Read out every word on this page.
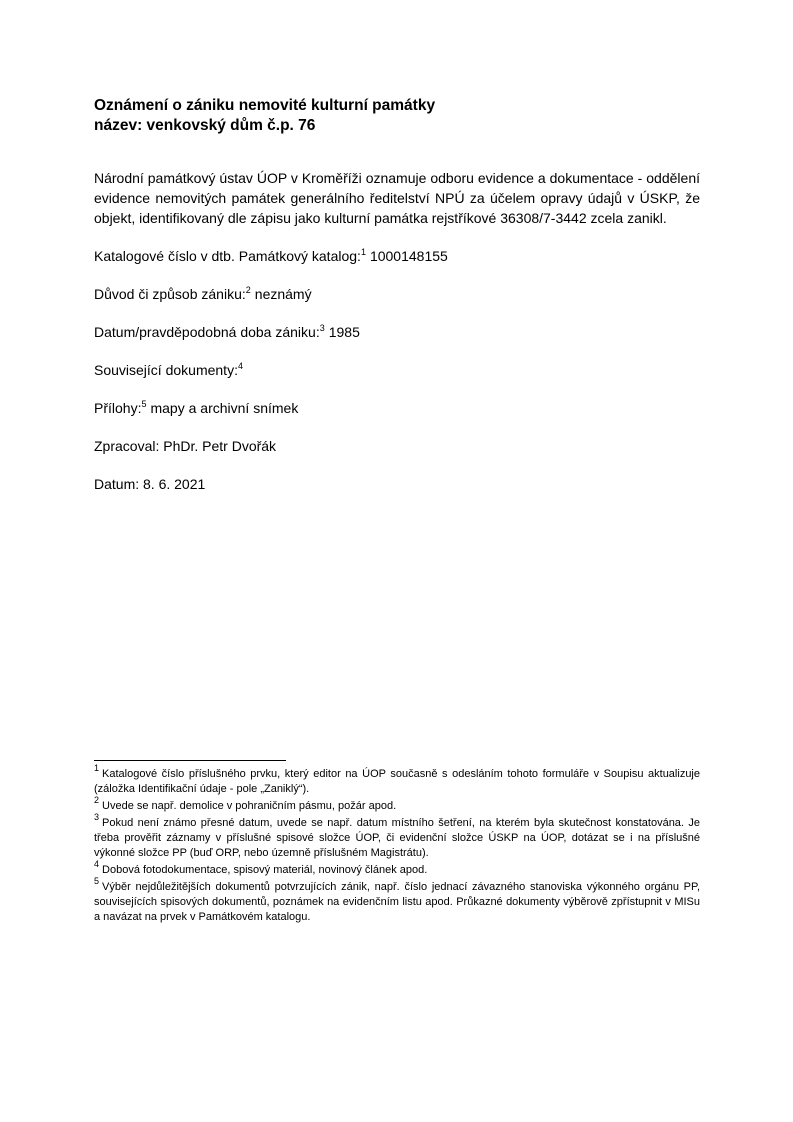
Oznámení o zániku nemovité kulturní památky
název: venkovský dům č.p. 76

Národní památkový ústav ÚOP v Kroměříži oznamuje odboru evidence a dokumentace - oddělení evidence nemovitých památek generálního ředitelství NPÚ za účelem opravy údajů v ÚSKP, že objekt, identifikovaný dle zápisu jako kulturní památka rejstříkové 36308/7-3442 zcela zanikl.

Katalogové číslo v dtb. Památkový katalog:$^1$ 1000148155

Důvod či způsob zániku:$^2$ neznámý

Datum/pravděpodobná doba zániku:$^3$ 1985

Související dokumenty:$^4$

Přílohy:$^5$ mapy a archivní snímek

Zpracoval: PhDr. Petr Dvořák

Datum: 8. 6. 2021

$^1$ Katalogové číslo příslušného prvku, který editor na ÚOP současně s odesláním tohoto formuláře v Soupisu aktualizuje (záložka Identifikační údaje - pole „Zaniklý“).

$^2$ Uvede se např. demolice v pohraničním pásmu, požár apod.

$^3$ Pokud není známo přesné datum, uvede se např. datum místního šetření, na kterém byla skutečnost konstatována. Je třeba prověřit záznamy v příslušné spisové složce ÚOP, či evidenční složce ÚSKP na ÚOP, dotázat se i na příslušné výkonné složce PP (buď ORP, nebo územně příslušném Magistrátu).

$^4$ Dobová fotodokumentace, spisový materiál, novinový článek apod.

$^5$ Výběr nejdůležitějších dokumentů potvrzujících zánik, např. číslo jednací závazného stanoviska výkonného orgánu PP, souvisejících spisových dokumentů, poznámek na evidenčním listu apod. Průkazné dokumenty výběrově zpřístupnit v MISu a navázat na prvek v Památkovém katalogu.
